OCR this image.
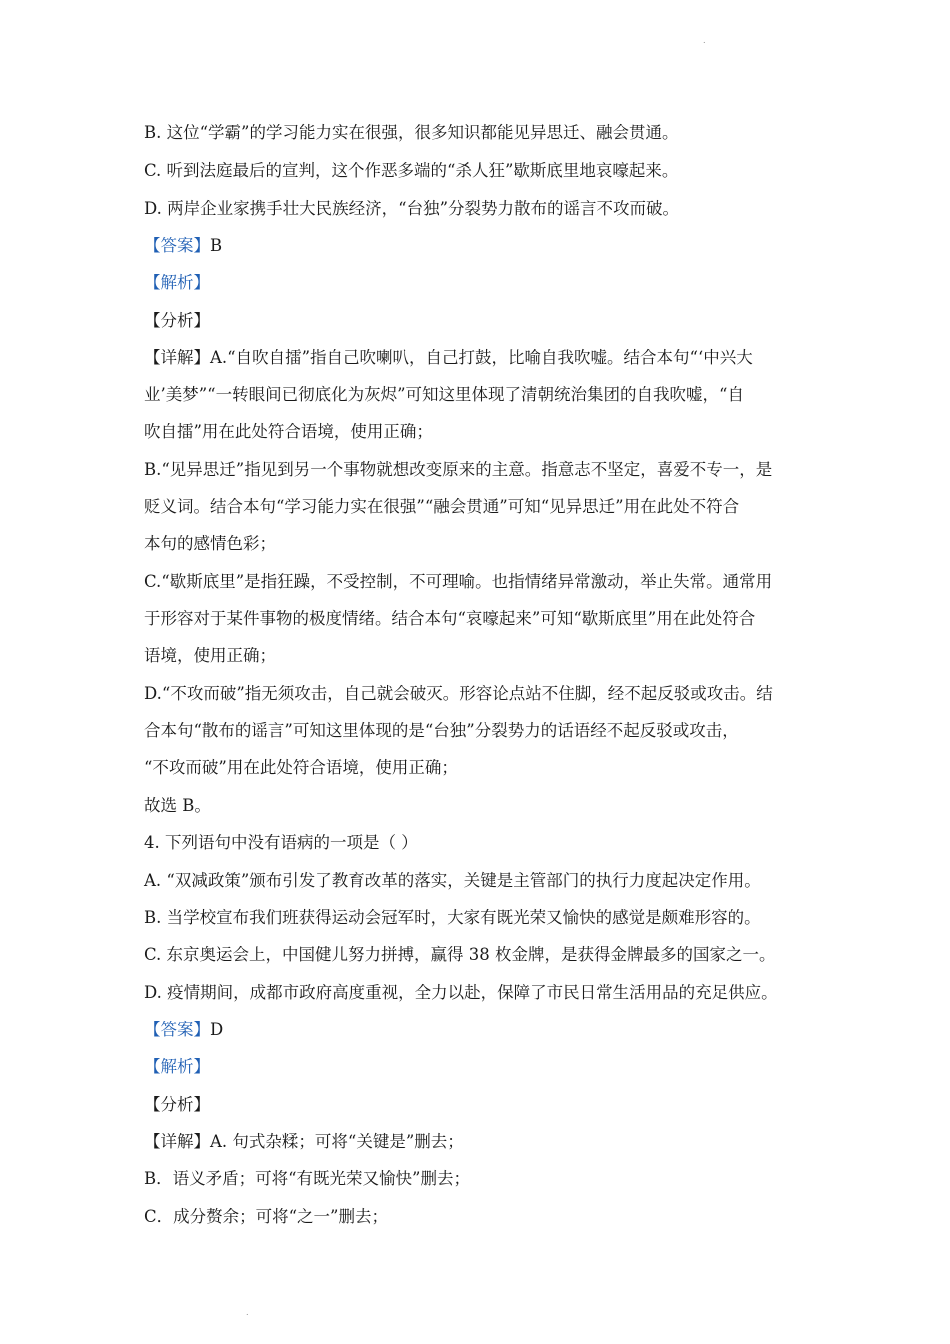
.
B. 这位“学霸”的学习能力实在很强，很多知识都能见异思迁、融会贯通。
C. 听到法庭最后的宣判，这个作恶多端的“杀人狂”歇斯底里地哀嚎起来。
D. 两岸企业家携手壮大民族经济，“台独”分裂势力散布的谣言不攻而破。
【答案】B
【解析】
【分析】
【详解】A.“自吹自擂”指自己吹喇叭，自己打鼓，比喻自我吹嘘。结合本句“‘中兴大
业’美梦”“一转眼间已彻底化为灰烬”可知这里体现了清朝统治集团的自我吹嘘，“自
吹自擂”用在此处符合语境，使用正确；
B.“见异思迁”指见到另一个事物就想改变原来的主意。指意志不坚定，喜爱不专一，是
贬义词。结合本句“学习能力实在很强”“融会贯通”可知“见异思迁”用在此处不符合
本句的感情色彩；
C.“歇斯底里”是指狂躁，不受控制，不可理喻。也指情绪异常激动，举止失常。通常用
于形容对于某件事物的极度情绪。结合本句“哀嚎起来”可知“歇斯底里”用在此处符合
语境，使用正确；
D.“不攻而破”指无须攻击，自己就会破灭。形容论点站不住脚，经不起反驳或攻击。结
合本句“散布的谣言”可知这里体现的是“台独”分裂势力的话语经不起反驳或攻击，
“不攻而破”用在此处符合语境，使用正确；
故选 B。
4. 下列语句中没有语病的一项是（ ）
A. “双减政策”颁布引发了教育改革的落实，关键是主管部门的执行力度起决定作用。
B. 当学校宣布我们班获得运动会冠军时，大家有既光荣又愉快的感觉是颇难形容的。
C. 东京奥运会上，中国健儿努力拼搏，赢得 38 枚金牌，是获得金牌最多的国家之一。
D. 疫情期间，成都市政府高度重视，全力以赴，保障了市民日常生活用品的充足供应。
【答案】D
【解析】
【分析】
【详解】A. 句式杂糅；可将“关键是”删去；
B．语义矛盾；可将“有既光荣又愉快”删去；
C．成分赘余；可将“之一”删去；
.
